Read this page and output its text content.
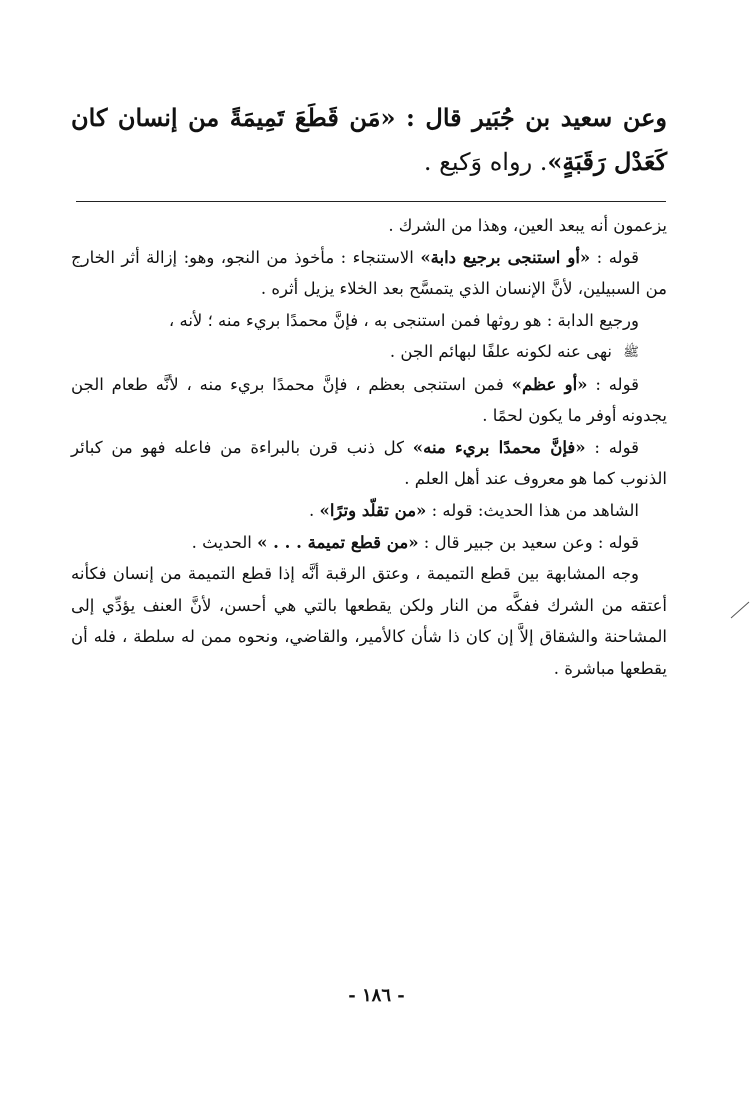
وعن سعيد بن جُبَير قال : «مَن قَطَعَ تَمِيمَةً من إنسان كان كَعَدْل رَقَبَةٍ». رواه وَكيع .

يزعمون أنه يبعد العين، وهذا من الشرك .

قوله : «أو استنجى برجيع دابة» الاستنجاء : مأخوذ من النجو، وهو: إزالة أثر الخارج من السبيلين، لأنَّ الإنسان الذي يتمسَّح بعد الخلاء يزيل أثره .

ورجيع الدابة : هو روثها فمن استنجى به ، فإنَّ محمدًا بريء منه ؛ لأنه ،
ﷺ نهى عنه لكونه علفًا لبهائم الجن .

قوله : «أو عظم» فمن استنجى بعظم ، فإنَّ محمدًا بريء منه ، لأنَّه طعام الجن يجدونه أوفر ما يكون لحمًا .

قوله : «فإنَّ محمدًا بريء منه» كل ذنب قرن بالبراءة من فاعله فهو من كبائر الذنوب كما هو معروف عند أهل العلم .

الشاهد من هذا الحديث: قوله : «من تقلّد وترًا» .

قوله : وعن سعيد بن جبير قال : «من قطع تميمة . . . » الحديث .

وجه المشابهة بين قطع التميمة ، وعتق الرقبة أنَّه إذا قطع التميمة من إنسان فكأنه أعتقه من الشرك ففكَّه من النار ولكن يقطعها بالتي هي أحسن، لأنَّ العنف يؤدِّي إلى المشاحنة والشقاق إلاَّ إن كان ذا شأن كالأمير، والقاضي، ونحوه ممن له سلطة ، فله أن يقطعها مباشرة .

- ١٨٦ -
